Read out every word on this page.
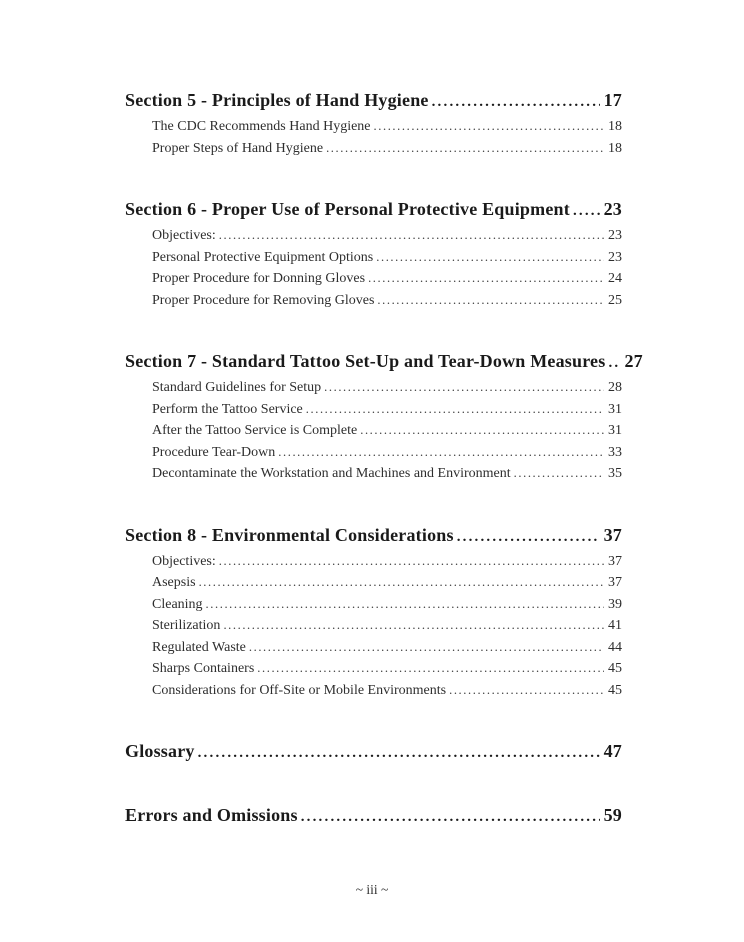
Section 5 - Principles of Hand Hygiene .....	17
The CDC Recommends Hand Hygiene .....	18
Proper Steps of Hand Hygiene .....	18
Section 6 - Proper Use of Personal Protective Equipment ..... 23
Objectives: .....	23
Personal Protective Equipment Options .....	23
Proper Procedure for Donning Gloves .....	24
Proper Procedure for Removing Gloves .....	25
Section 7 - Standard Tattoo Set-Up and Tear-Down Measures ..... 27
Standard Guidelines for Setup .....	28
Perform the Tattoo Service .....	31
After the Tattoo Service is Complete .....	31
Procedure Tear-Down .....	33
Decontaminate the Workstation and Machines and Environment .....	35
Section 8 - Environmental Considerations .....	37
Objectives: .....	37
Asepsis .....	37
Cleaning .....	39
Sterilization .....	41
Regulated Waste .....	44
Sharps Containers .....	45
Considerations for Off-Site or Mobile Environments .....	45
Glossary .....	47
Errors and Omissions .....	59
~ iii ~
